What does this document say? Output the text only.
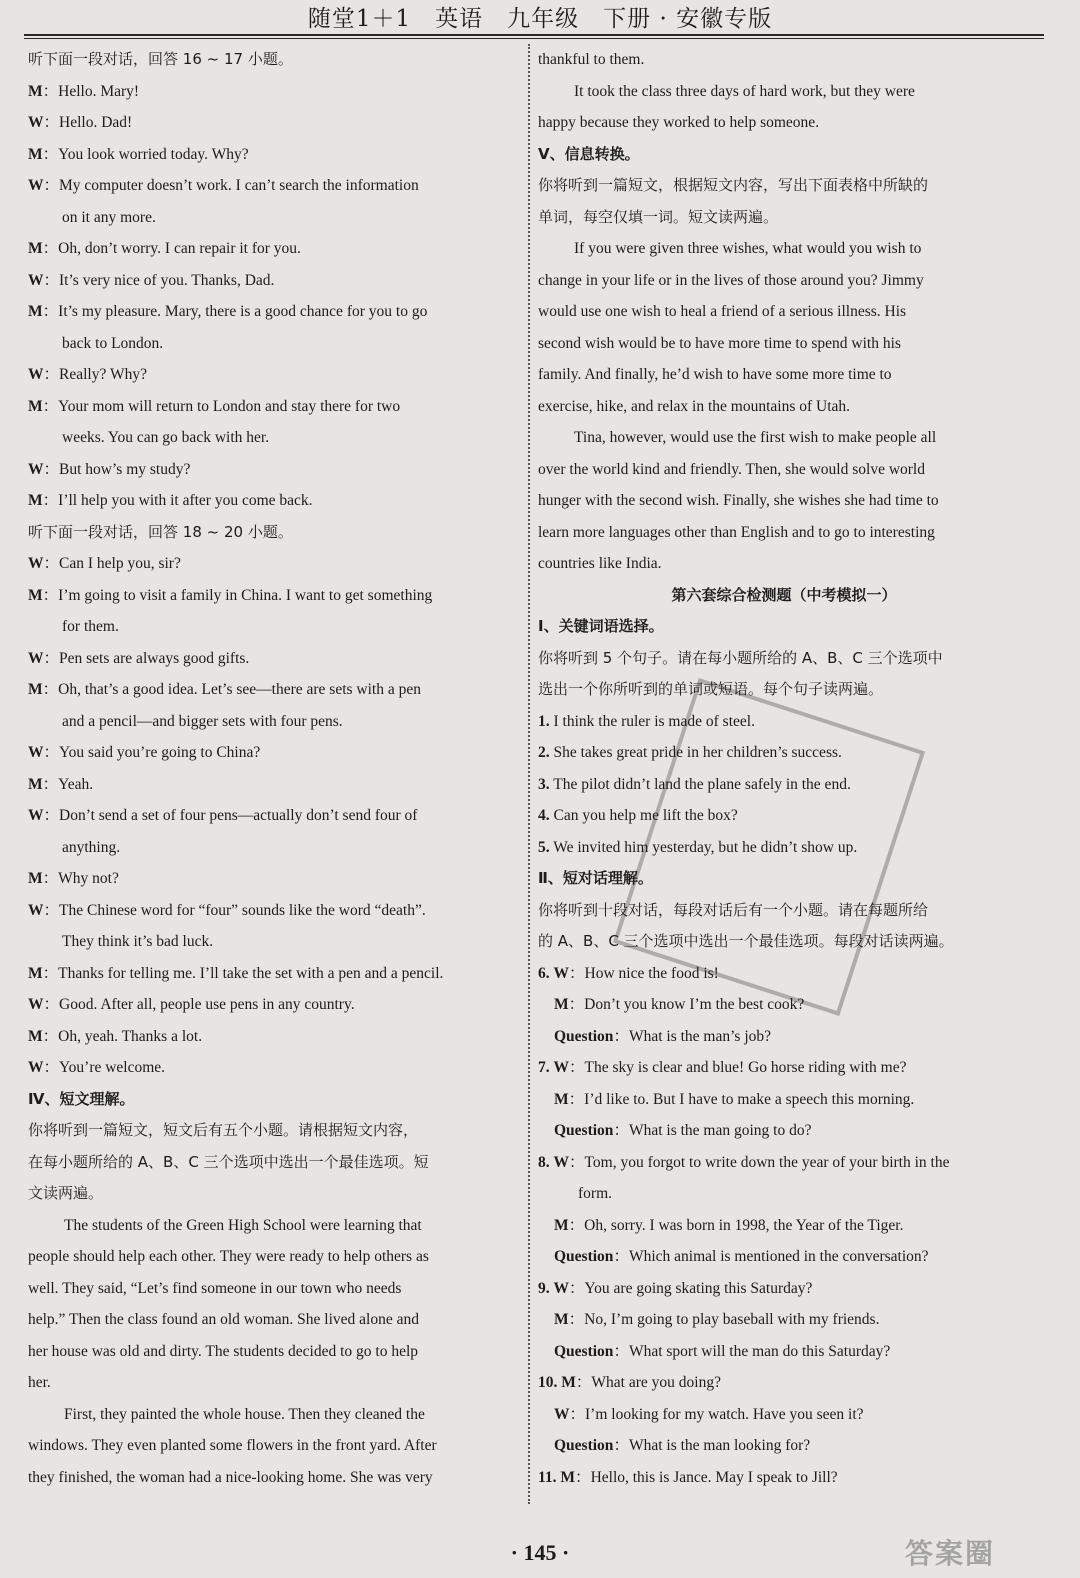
随堂1＋1　英语　九年级　下册 · 安徽专版
听下面一段对话，回答 16 ~ 17 小题。
M：Hello. Mary!
W：Hello. Dad!
M：You look worried today. Why?
W：My computer doesn’t work. I can’t search the information
on it any more.
M：Oh, don’t worry. I can repair it for you.
W：It’s very nice of you. Thanks, Dad.
M：It’s my pleasure. Mary, there is a good chance for you to go
back to London.
W：Really? Why?
M：Your mom will return to London and stay there for two
weeks. You can go back with her.
W：But how’s my study?
M：I’ll help you with it after you come back.
听下面一段对话，回答 18 ~ 20 小题。
W：Can I help you, sir?
M：I’m going to visit a family in China. I want to get something
for them.
W：Pen sets are always good gifts.
M：Oh, that’s a good idea. Let’s see—there are sets with a pen
and a pencil—and bigger sets with four pens.
W：You said you’re going to China?
M：Yeah.
W：Don’t send a set of four pens—actually don’t send four of
anything.
M：Why not?
W：The Chinese word for “four” sounds like the word “death”.
They think it’s bad luck.
M：Thanks for telling me. I’ll take the set with a pen and a pencil.
W：Good. After all, people use pens in any country.
M：Oh, yeah. Thanks a lot.
W：You’re welcome.
Ⅳ、短文理解。
你将听到一篇短文，短文后有五个小题。请根据短文内容，
在每小题所给的 A、B、C 三个选项中选出一个最佳选项。短
文读两遍。
The students of the Green High School were learning that
people should help each other. They were ready to help others as
well. They said, “Let’s find someone in our town who needs
help.” Then the class found an old woman. She lived alone and
her house was old and dirty. The students decided to go to help
her.
First, they painted the whole house. Then they cleaned the
windows. They even planted some flowers in the front yard. After
they finished, the woman had a nice-looking home. She was very
thankful to them.
It took the class three days of hard work, but they were
happy because they worked to help someone.
Ⅴ、信息转换。
你将听到一篇短文，根据短文内容，写出下面表格中所缺的
单词，每空仅填一词。短文读两遍。
If you were given three wishes, what would you wish to
change in your life or in the lives of those around you? Jimmy
would use one wish to heal a friend of a serious illness. His
second wish would be to have more time to spend with his
family. And finally, he’d wish to have some more time to
exercise, hike, and relax in the mountains of Utah.
Tina, however, would use the first wish to make people all
over the world kind and friendly. Then, she would solve world
hunger with the second wish. Finally, she wishes she had time to
learn more languages other than English and to go to interesting
countries like India.
第六套综合检测题（中考模拟一）
Ⅰ、关键词语选择。
你将听到 5 个句子。请在每小题所给的 A、B、C 三个选项中
选出一个你所听到的单词或短语。每个句子读两遍。
1. I think the ruler is made of steel.
2. She takes great pride in her children’s success.
3. The pilot didn’t land the plane safely in the end.
4. Can you help me lift the box?
5. We invited him yesterday, but he didn’t show up.
Ⅱ、短对话理解。
你将听到十段对话，每段对话后有一个小题。请在每题所给
的 A、B、C 三个选项中选出一个最佳选项。每段对话读两遍。
6. W：How nice the food is!
M：Don’t you know I’m the best cook?
Question：What is the man’s job?
7. W：The sky is clear and blue! Go horse riding with me?
M：I’d like to. But I have to make a speech this morning.
Question：What is the man going to do?
8. W：Tom, you forgot to write down the year of your birth in the
form.
M：Oh, sorry. I was born in 1998, the Year of the Tiger.
Question：Which animal is mentioned in the conversation?
9. W：You are going skating this Saturday?
M：No, I’m going to play baseball with my friends.
Question：What sport will the man do this Saturday?
10. M：What are you doing?
W：I’m looking for my watch. Have you seen it?
Question：What is the man looking for?
11. M：Hello, this is Jance. May I speak to Jill?
· 145 ·	答案圈
